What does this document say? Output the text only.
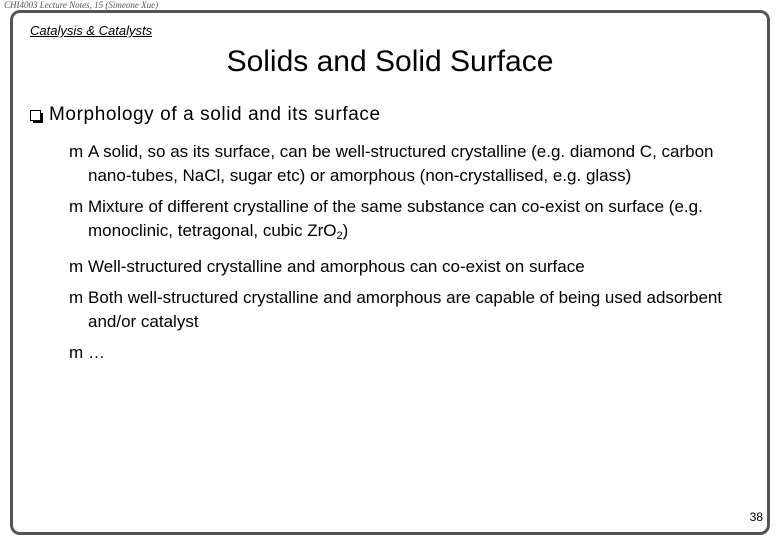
CHI4003 Lecture Notes, 15 (Simeone Xue)
Catalysis & Catalysts
Solids and Solid Surface
Morphology of a solid and its surface
m A solid, so as its surface, can be well-structured crystalline (e.g. diamond C, carbon nano-tubes, NaCl, sugar etc) or amorphous (non-crystallised, e.g. glass)
m Mixture of different crystalline of the same substance can co-exist on surface (e.g. monoclinic, tetragonal, cubic ZrO$_2$)
m Well-structured crystalline and amorphous can co-exist on surface
m Both well-structured crystalline and amorphous are capable of being used adsorbent and/or catalyst
m …
38
